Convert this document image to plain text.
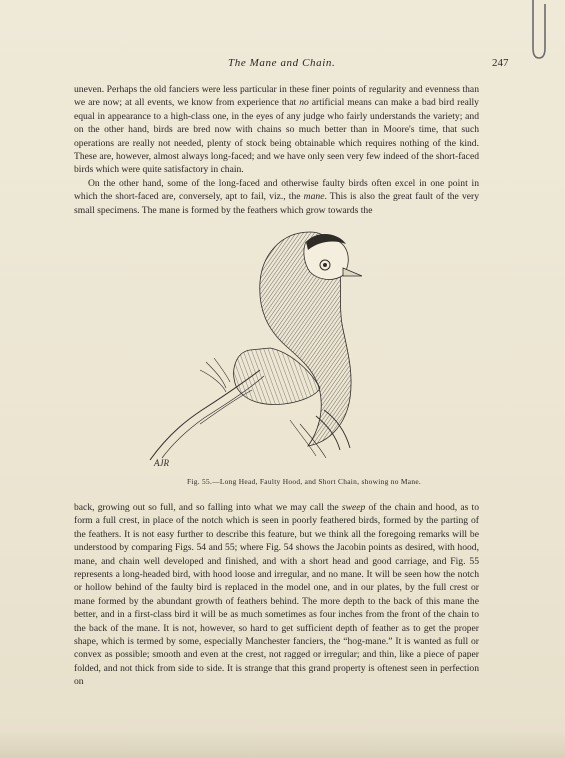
The Mane and Chain.	247

uneven. Perhaps the old fanciers were less particular in these finer points of regularity and evenness than we are now; at all events, we know from experience that no artificial means can make a bad bird really equal in appearance to a high-class one, in the eyes of any judge who fairly understands the variety; and on the other hand, birds are bred now with chains so much better than in Moore's time, that such operations are really not needed, plenty of stock being obtainable which requires nothing of the kind. These are, however, almost always long-faced; and we have only seen very few indeed of the short-faced birds which were quite satisfactory in chain.

On the other hand, some of the long-faced and otherwise faulty birds often excel in one point in which the short-faced are, conversely, apt to fail, viz., the mane. This is also the great fault of the very small specimens. The mane is formed by the feathers which grow towards the

AJR
Fig. 55.—Long Head, Faulty Hood, and Short Chain, showing no Mane.

back, growing out so full, and so falling into what we may call the sweep of the chain and hood, as to form a full crest, in place of the notch which is seen in poorly feathered birds, formed by the parting of the feathers. It is not easy further to describe this feature, but we think all the foregoing remarks will be understood by comparing Figs. 54 and 55; where Fig. 54 shows the Jacobin points as desired, with hood, mane, and chain well developed and finished, and with a short head and good carriage, and Fig. 55 represents a long-headed bird, with hood loose and irregular, and no mane. It will be seen how the notch or hollow behind of the faulty bird is replaced in the model one, and in our plates, by the full crest or mane formed by the abundant growth of feathers behind. The more depth to the back of this mane the better, and in a first-class bird it will be as much sometimes as four inches from the front of the chain to the back of the mane. It is not, however, so hard to get sufficient depth of feather as to get the proper shape, which is termed by some, especially Manchester fanciers, the “hog-mane.” It is wanted as full or convex as possible; smooth and even at the crest, not ragged or irregular; and thin, like a piece of paper folded, and not thick from side to side. It is strange that this grand property is oftenest seen in perfection on
